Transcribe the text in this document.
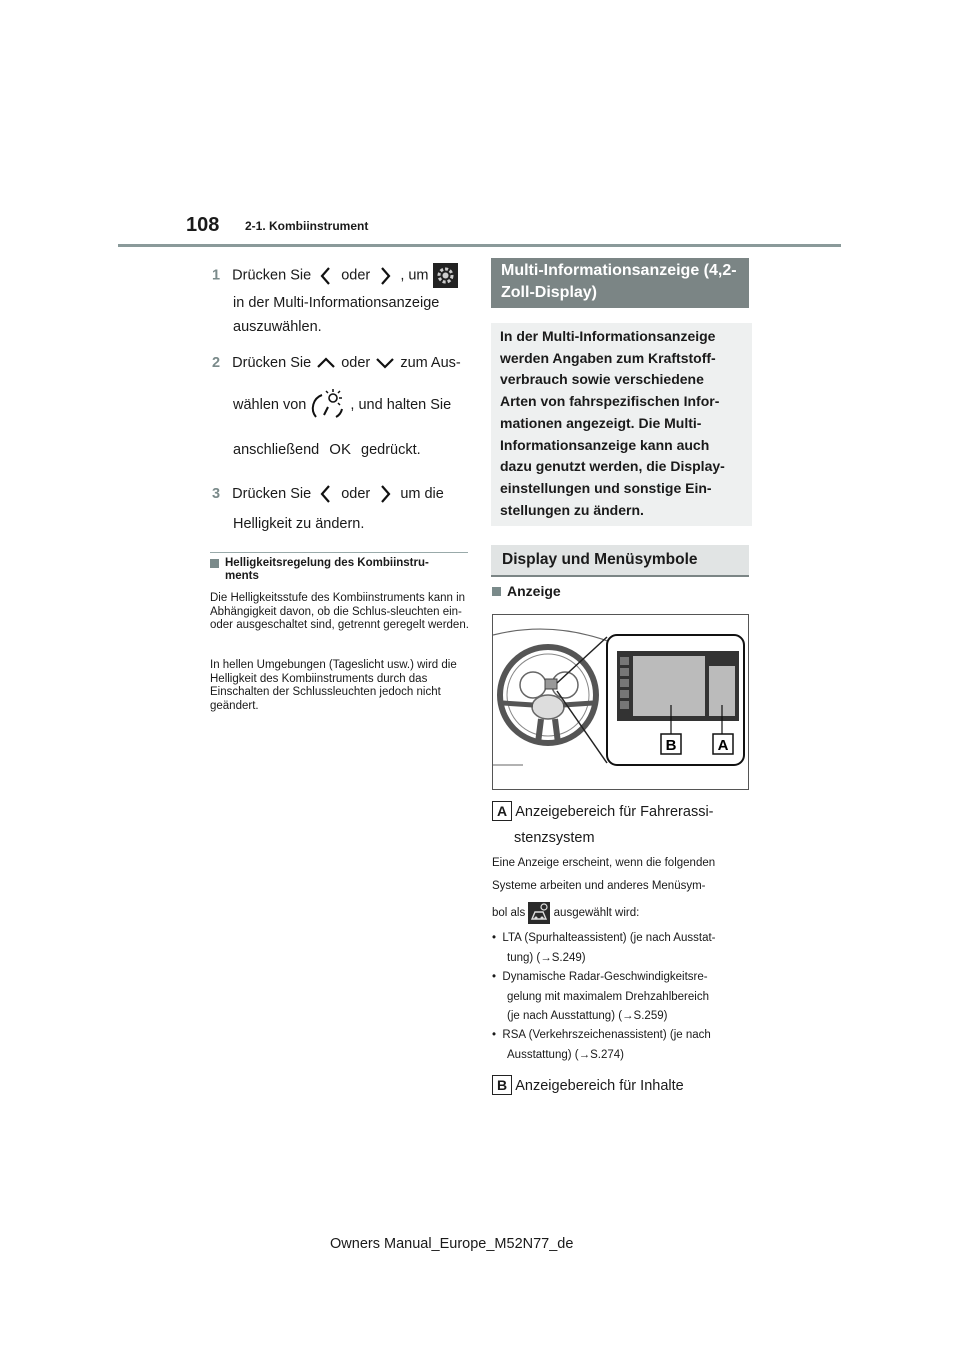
108 2-1. Kombiinstrument
1 Drücken Sie oder , um
in der Multi-Informationsanzeige
auszuwählen.
2 Drücken Sie oder zum Aus-
wählen von	, und halten Sie
anschließend OK gedrückt.
3 Drücken Sie oder um die
Helligkeit zu ändern.
Helligkeitsregelung des Kombiinstru-
ments
Die Helligkeitsstufe des Kombiinstruments kann in Abhängigkeit davon, ob die Schlus-sleuchten ein- oder ausgeschaltet sind, getrennt geregelt werden.
In hellen Umgebungen (Tageslicht usw.) wird die Helligkeit des Kombiinstruments durch das Einschalten der Schlussleuchten jedoch nicht geändert.
Multi-Informationsanzeige (4,2-Zoll-Display)
In der Multi-Informationsanzeige werden Angaben zum Kraftstoff-verbrauch sowie verschiedene Arten von fahrspezifischen Infor-mationen angezeigt. Die Multi-Informationsanzeige kann auch dazu genutzt werden, die Display-einstellungen und sonstige Ein-stellungen zu ändern.
Display und Menüsymbole
Anzeige
B	A
A Anzeigebereich für Fahrerassi-
stenzsystem
Eine Anzeige erscheint, wenn die folgenden
Systeme arbeiten und anderes Menüsym-
bol als ausgewählt wird:
•  LTA (Spurhalteassistent) (je nach Ausstat-
tung) (→S.249)
•  Dynamische Radar-Geschwindigkeitsre-
gelung mit maximalem Drehzahlbereich
(je nach Ausstattung) (→S.259)
•  RSA (Verkehrszeichenassistent) (je nach
Ausstattung) (→S.274)
B Anzeigebereich für Inhalte
Owners Manual_Europe_M52N77_de
